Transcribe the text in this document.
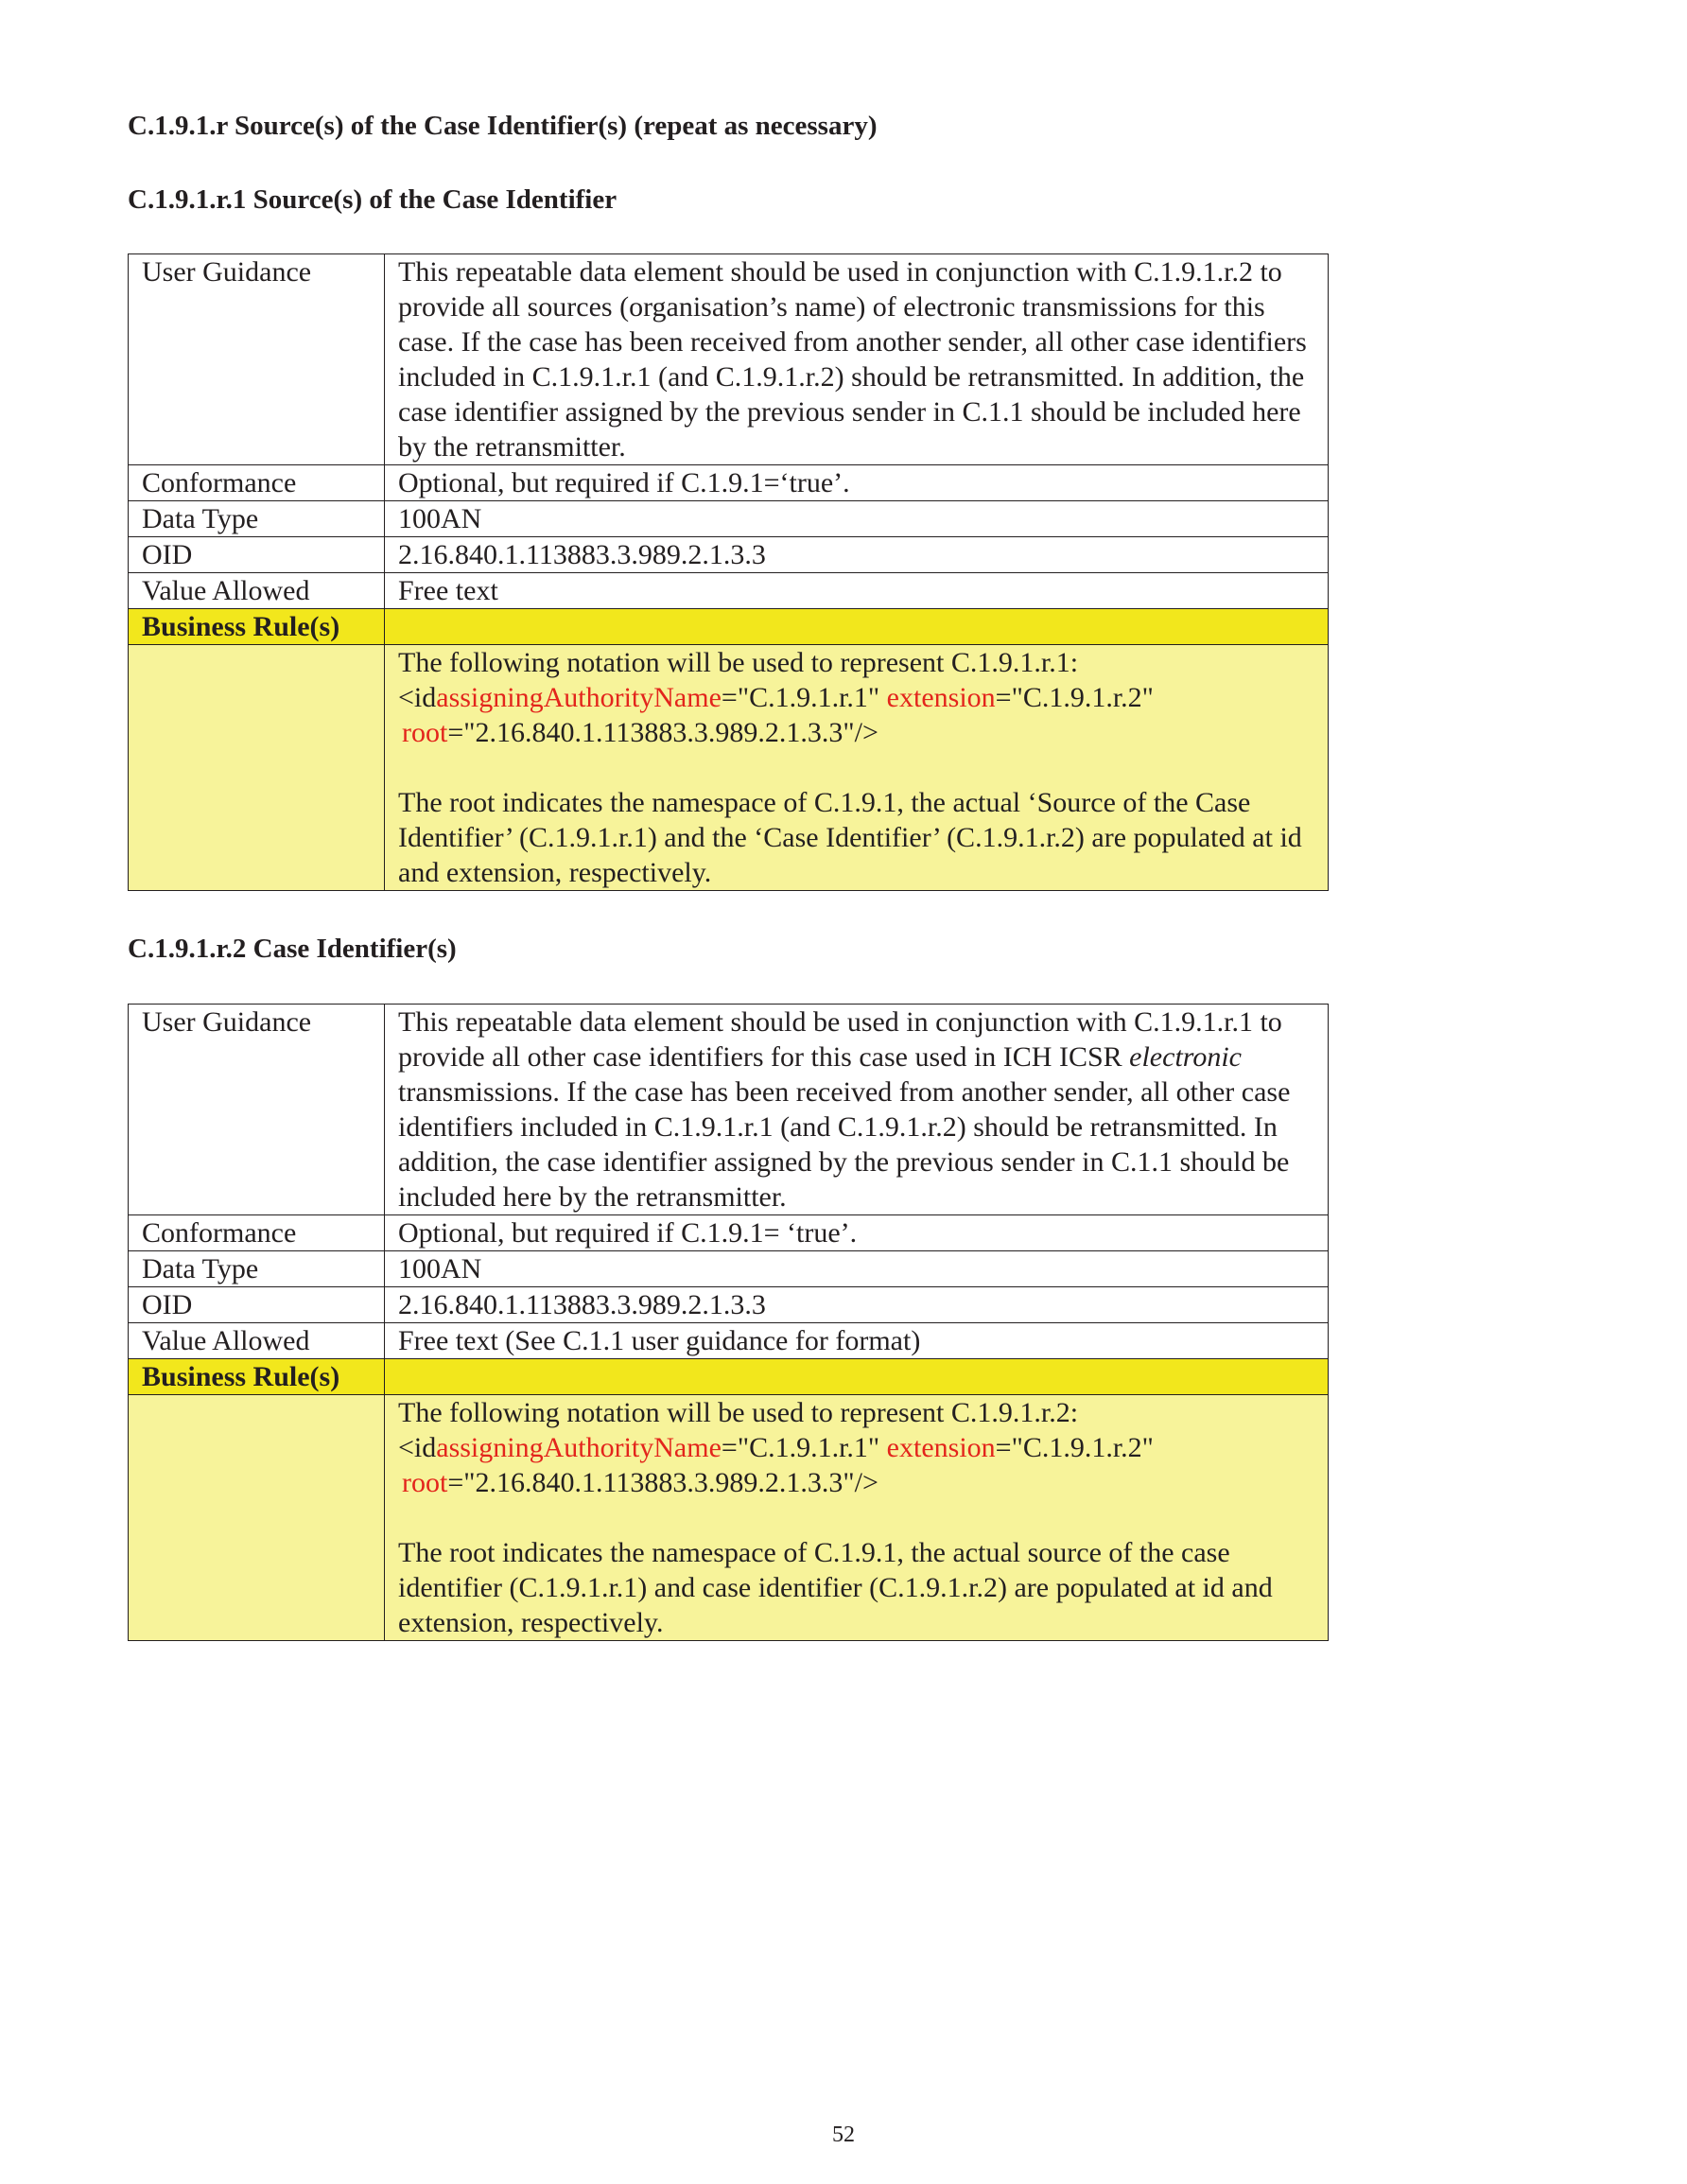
C.1.9.1.r Source(s) of the Case Identifier(s) (repeat as necessary)
C.1.9.1.r.1 Source(s) of the Case Identifier
User Guidance	This repeatable data element should be used in conjunction with C.1.9.1.r.2 to provide all sources (organisation’s name) of electronic transmissions for this case. If the case has been received from another sender, all other case identifiers included in C.1.9.1.r.1 (and C.1.9.1.r.2) should be retransmitted. In addition, the case identifier assigned by the previous sender in C.1.1 should be included here by the retransmitter.
Conformance	Optional, but required if C.1.9.1=‘true’.
Data Type	100AN
OID	2.16.840.1.113883.3.989.2.1.3.3
Value Allowed	Free text
Business Rule(s)	

	The following notation will be used to represent C.1.9.1.r.1:
<idassigningAuthorityName="C.1.9.1.r.1" extension="C.1.9.1.r.2"
root="2.16.840.1.113883.3.989.2.1.3.3"/>
The root indicates the namespace of C.1.9.1, the actual ‘Source of the Case Identifier’ (C.1.9.1.r.1) and the ‘Case Identifier’ (C.1.9.1.r.2) are populated at id and extension, respectively.
C.1.9.1.r.2 Case Identifier(s)
User Guidance	This repeatable data element should be used in conjunction with C.1.9.1.r.1 to provide all other case identifiers for this case used in ICH ICSR electronic transmissions. If the case has been received from another sender, all other case identifiers included in C.1.9.1.r.1 (and C.1.9.1.r.2) should be retransmitted. In addition, the case identifier assigned by the previous sender in C.1.1 should be included here by the retransmitter.
Conformance	Optional, but required if C.1.9.1= ‘true’.
Data Type	100AN
OID	2.16.840.1.113883.3.989.2.1.3.3
Value Allowed	Free text (See C.1.1 user guidance for format)
Business Rule(s)	

	The following notation will be used to represent C.1.9.1.r.2:
<idassigningAuthorityName="C.1.9.1.r.1" extension="C.1.9.1.r.2"
root="2.16.840.1.113883.3.989.2.1.3.3"/>
The root indicates the namespace of C.1.9.1, the actual source of the case identifier (C.1.9.1.r.1) and case identifier (C.1.9.1.r.2) are populated at id and extension, respectively.
52
